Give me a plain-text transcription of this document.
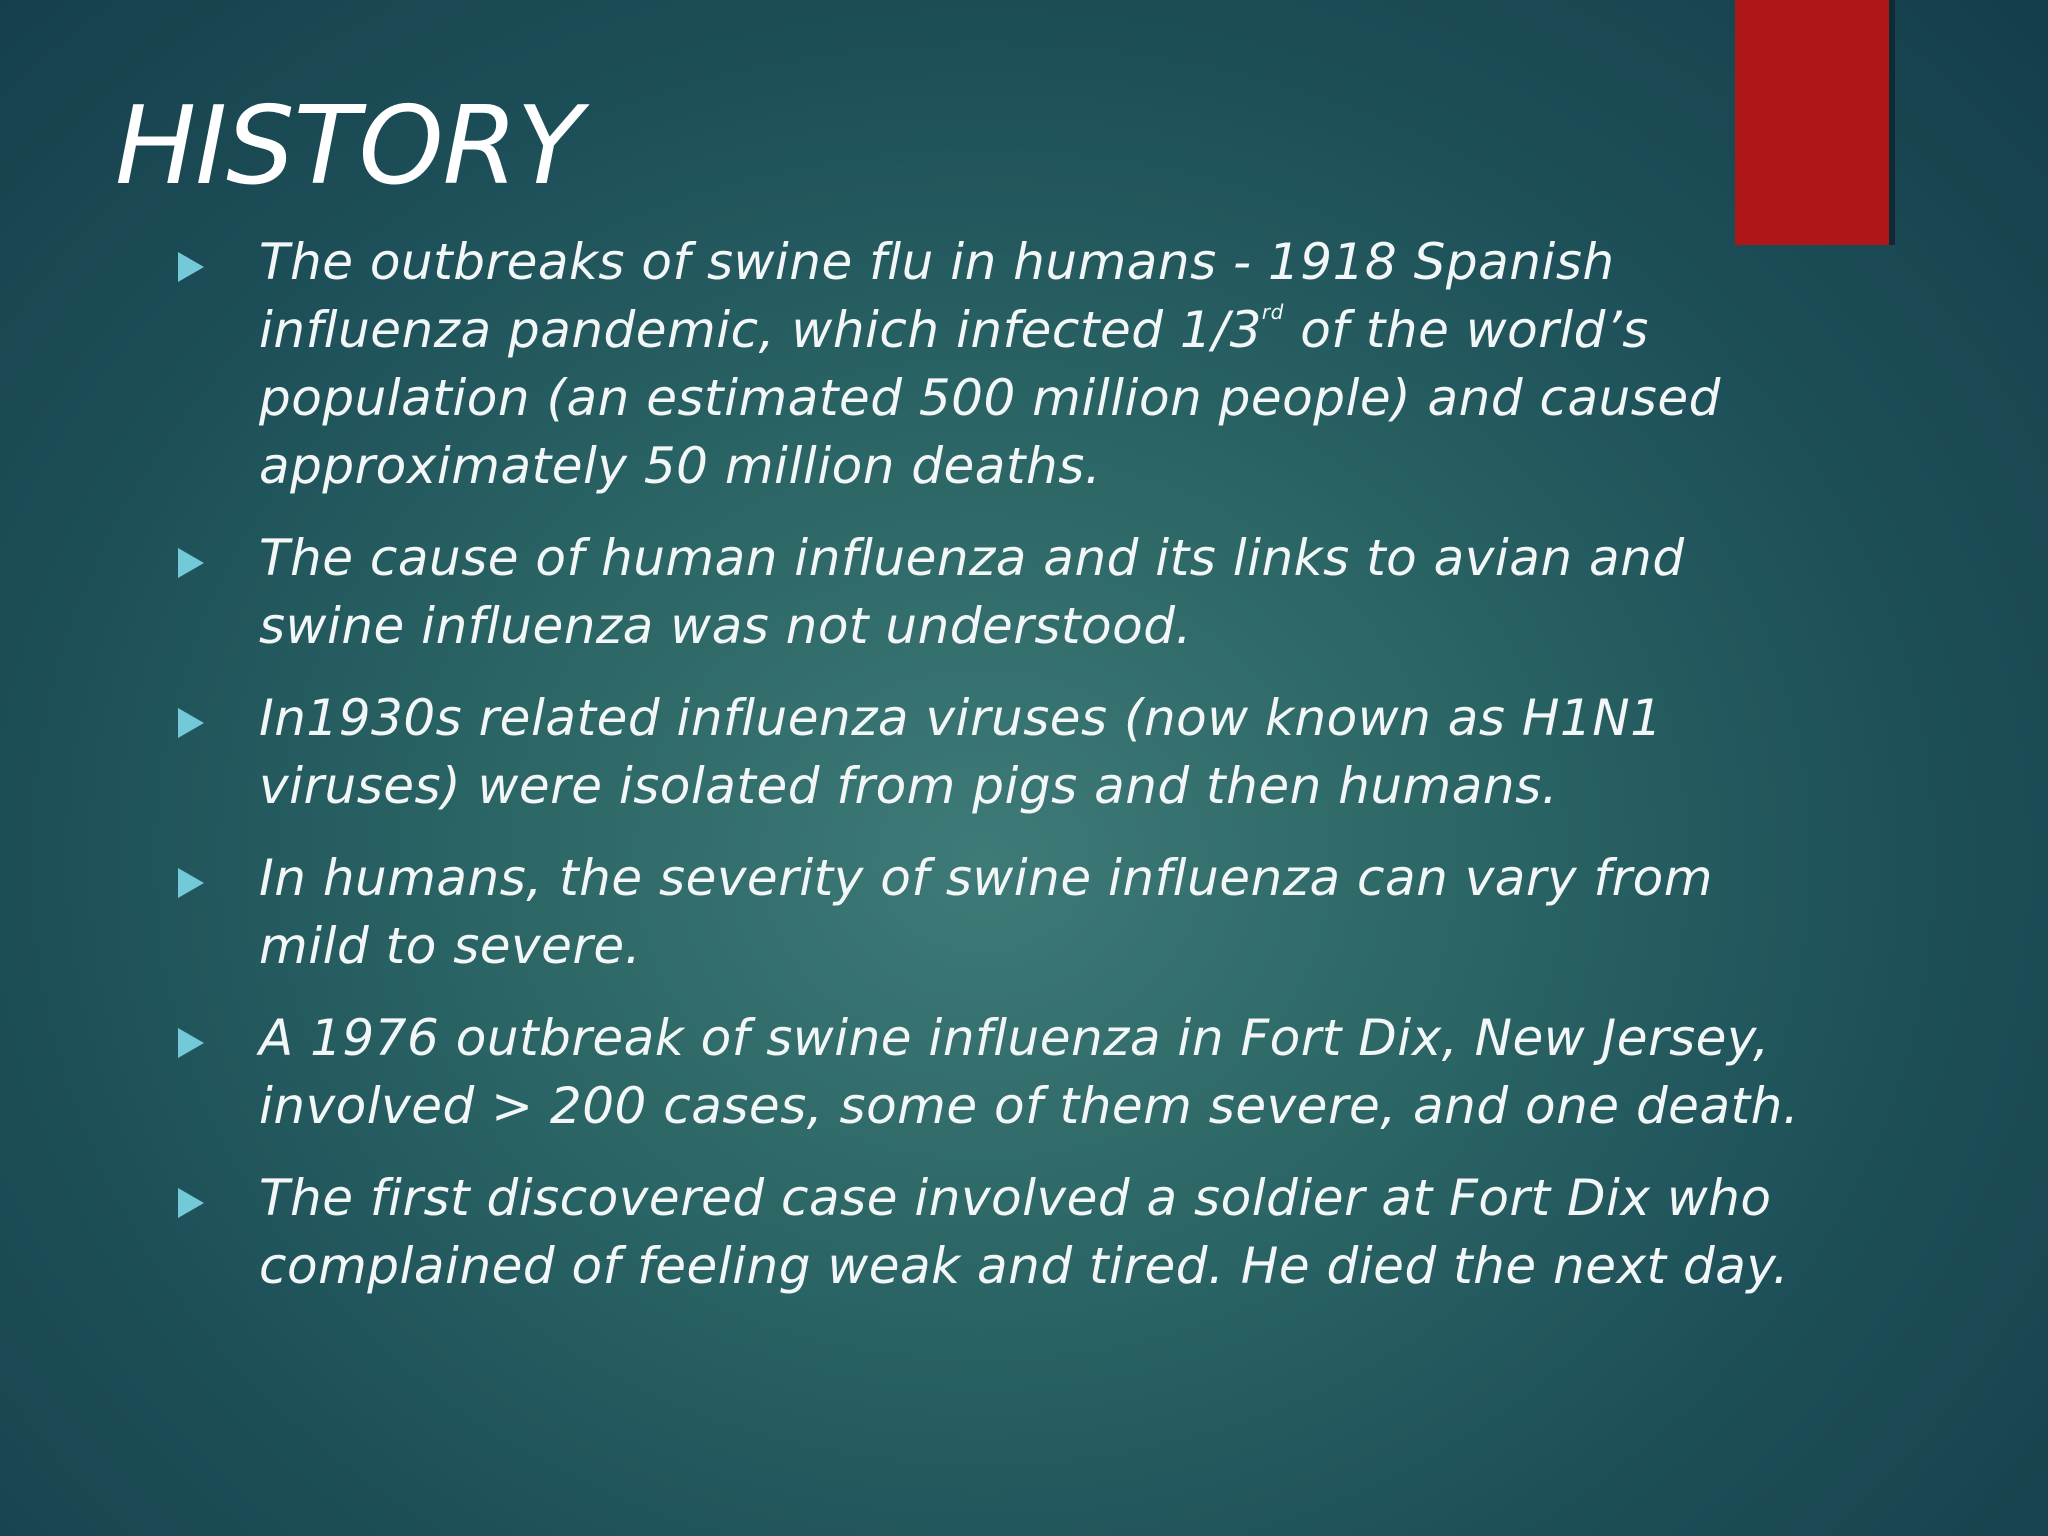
HISTORY
The outbreaks of swine flu in humans - 1918 Spanish influenza pandemic, which infected 1/3rd of the world’s population (an estimated 500 million people) and caused approximately 50 million deaths.
The cause of human influenza and its links to avian and swine influenza was not understood.
In1930s related influenza viruses (now known as H1N1 viruses) were isolated from pigs and then humans.
In humans, the severity of swine influenza can vary from mild to severe.
A 1976 outbreak of swine influenza in Fort Dix, New Jersey, involved > 200 cases, some of them severe, and one death.
The first discovered case involved a soldier at Fort Dix who complained of feeling weak and tired. He died the next day.
